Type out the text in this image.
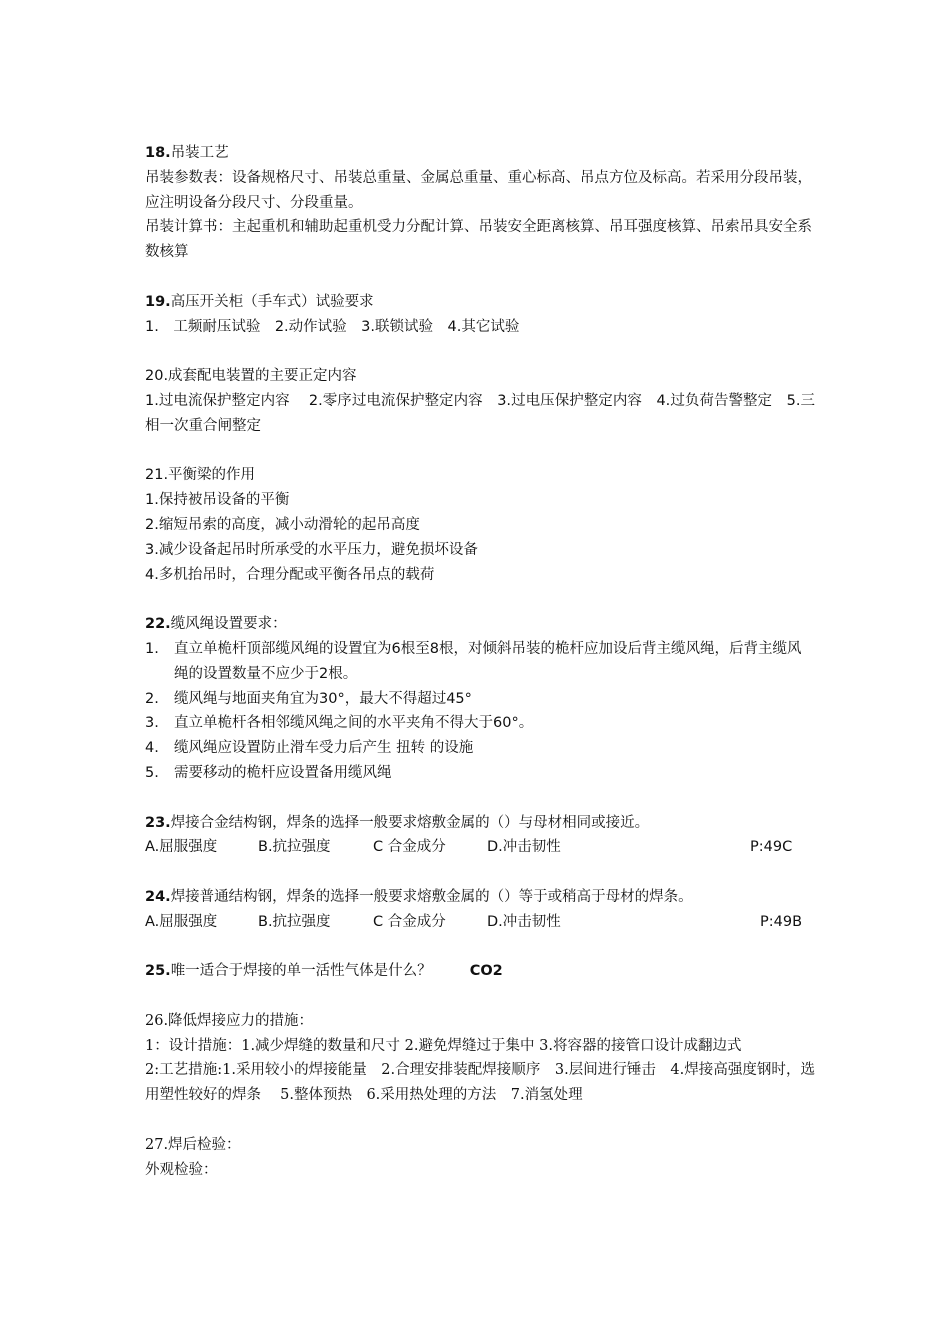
18.吊装工艺
吊装参数表：设备规格尺寸、吊装总重量、金属总重量、重心标高、吊点方位及标高。若采用分段吊装，应注明设备分段尺寸、分段重量。
吊装计算书：主起重机和辅助起重机受力分配计算、吊装安全距离核算、吊耳强度核算、吊索吊具安全系数核算
19.高压开关柜（手车式）试验要求
1.　工频耐压试验　2.动作试验　3.联锁试验　4.其它试验
20.成套配电装置的主要正定内容
1.过电流保护整定内容　 2.零序过电流保护整定内容　3.过电压保护整定内容　4.过负荷告警整定　5.三相一次重合闸整定
21.平衡梁的作用
1.保持被吊设备的平衡
2.缩短吊索的高度，减小动滑轮的起吊高度
3.减少设备起吊时所承受的水平压力，避免损坏设备
4.多机抬吊时，合理分配或平衡各吊点的载荷
22.缆风绳设置要求：
1.	直立单桅杆顶部缆风绳的设置宜为6根至8根，对倾斜吊装的桅杆应加设后背主缆风绳，后背主缆风绳的设置数量不应少于2根。
2.	缆风绳与地面夹角宜为30°，最大不得超过45°
3.	直立单桅杆各相邻缆风绳之间的水平夹角不得大于60°。
4.	缆风绳应设置防止滑车受力后产生 扭转 的设施
5.	需要移动的桅杆应设置备用缆风绳
23.焊接合金结构钢，焊条的选择一般要求熔敷金属的（）与母材相同或接近。
A.屈服强度	B.抗拉强度	C 合金成分	D.冲击韧性	P:49C
24.焊接普通结构钢，焊条的选择一般要求熔敷金属的（）等于或稍高于母材的焊条。
A.屈服强度	B.抗拉强度	C 合金成分	D.冲击韧性	P:49B
25.唯一适合于焊接的单一活性气体是什么？	CO2
26.降低焊接应力的措施：
1：设计措施：1.减少焊缝的数量和尺寸 2.避免焊缝过于集中 3.将容器的接管口设计成翻边式
2:工艺措施:1.采用较小的焊接能量　2.合理安排装配焊接顺序　3.层间进行锤击　4.焊接高强度钢时，选用塑性较好的焊条　 5.整体预热　6.采用热处理的方法　7.消氢处理
27.焊后检验：
外观检验：
